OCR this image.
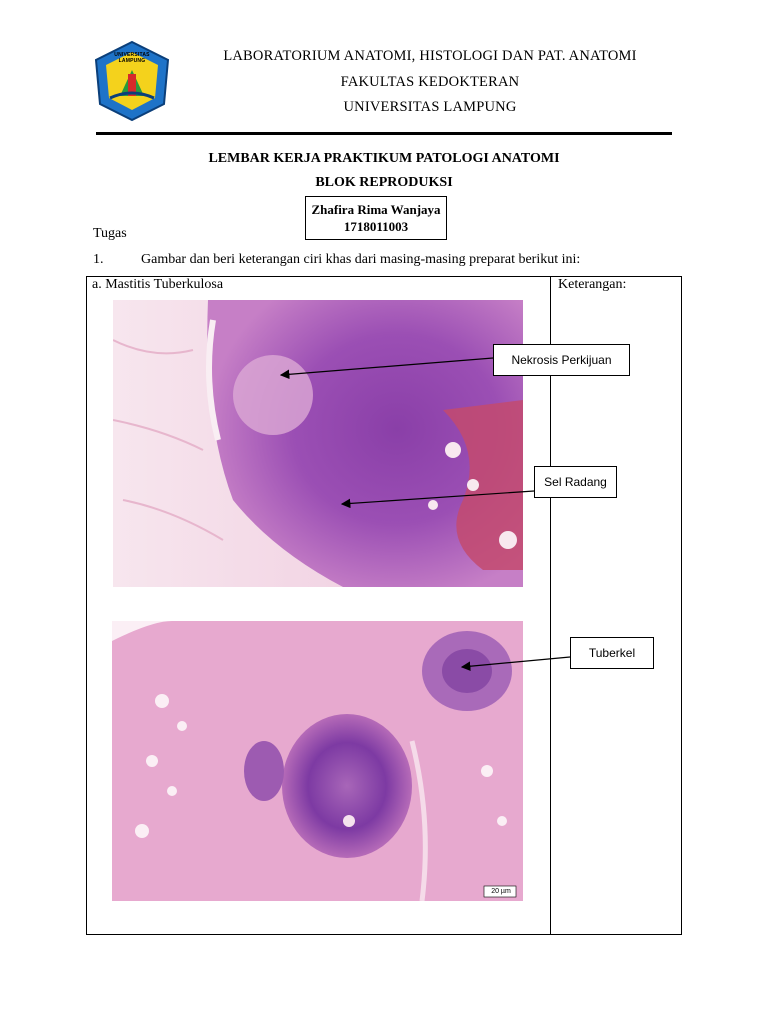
UNIVERSITAS LAMPUNG	LABORATORIUM ANATOMI, HISTOLOGI DAN PAT. ANATOMI
FAKULTAS KEDOKTERAN
UNIVERSITAS LAMPUNG
LEMBAR KERJA PRAKTIKUM PATOLOGI ANATOMI
BLOK REPRODUKSI
Zhafira Rima Wanjaya
1718011003
Tugas
1.	Gambar dan beri keterangan ciri khas dari masing-masing preparat berikut ini:
a. Mastitis Tuberkulosa	Keterangan:
20 µm
Nekrosis Perkijuan
Sel Radang
Tuberkel
